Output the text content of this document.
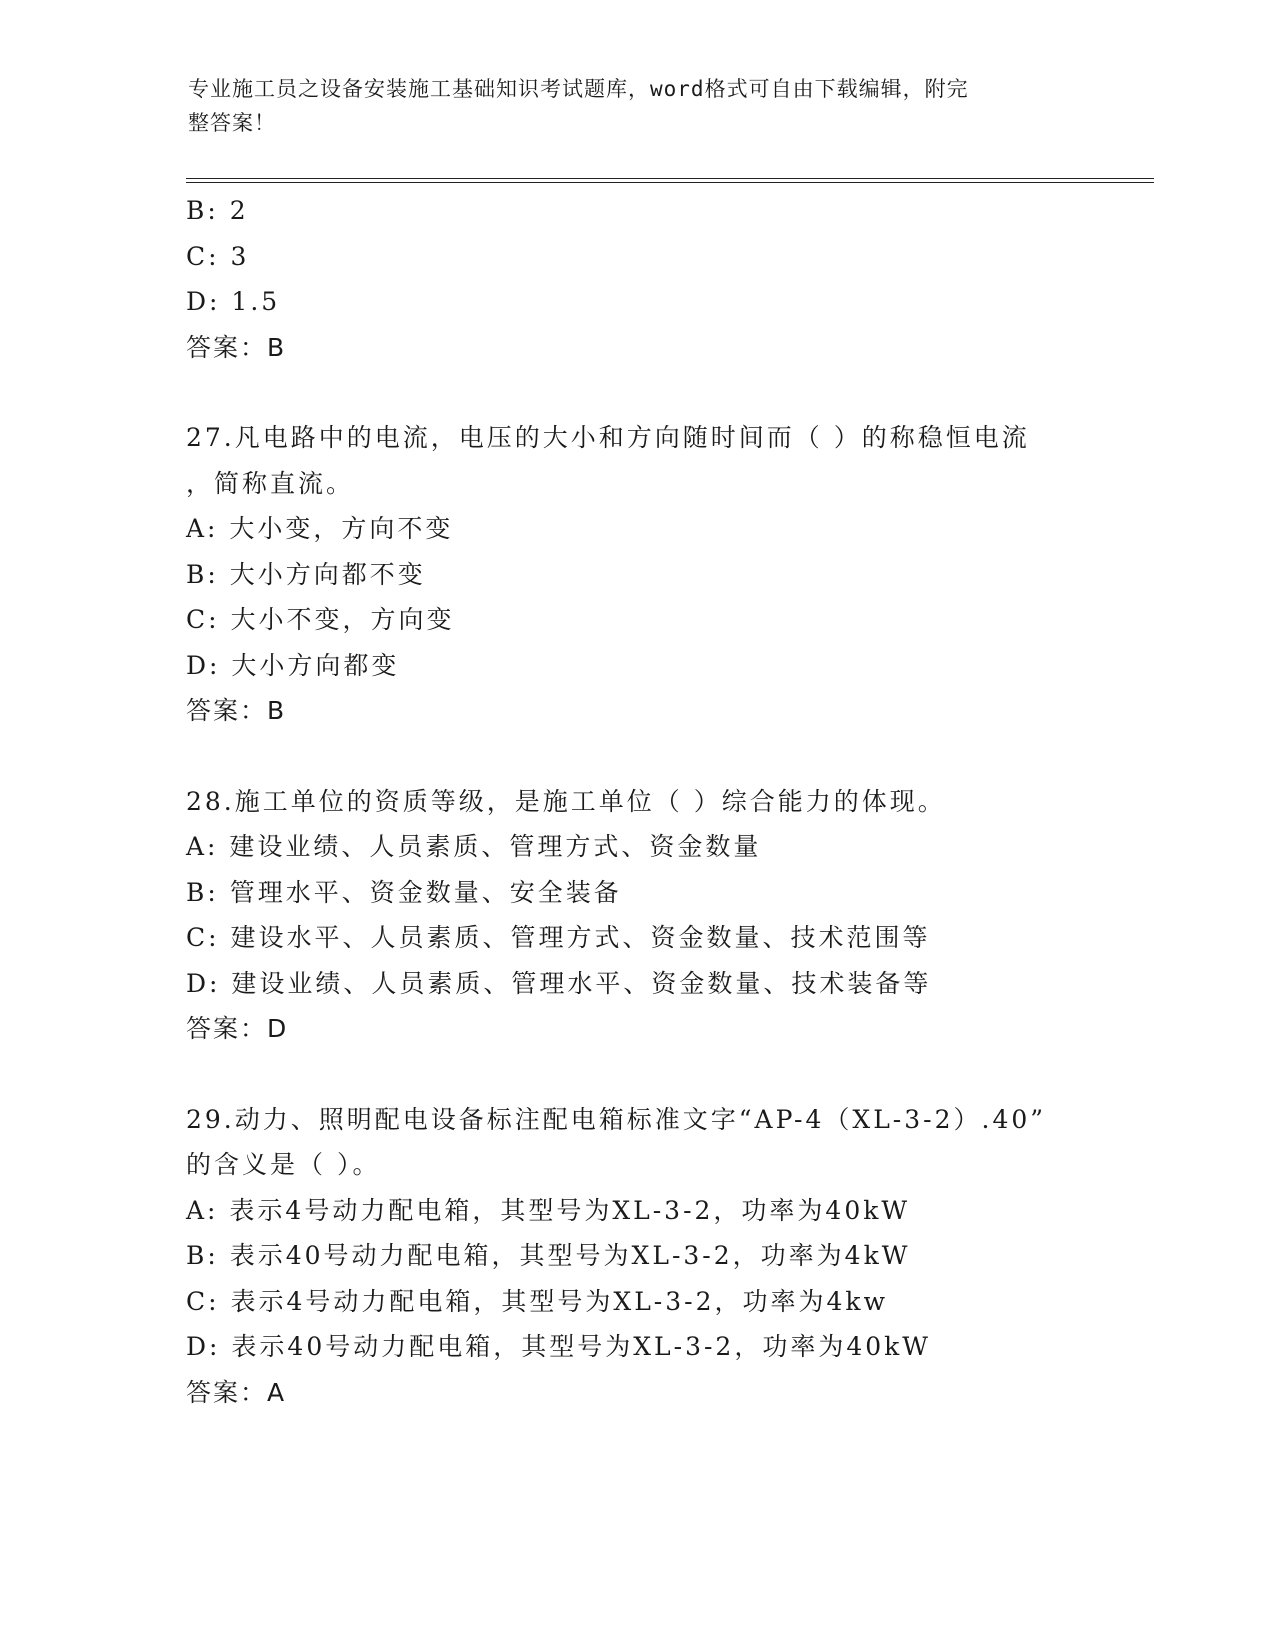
专业施工员之设备安装施工基础知识考试题库，word格式可自由下载编辑，附完
整答案！
B: 2
C: 3
D: 1.5
答案：B
27.凡电路中的电流，电压的大小和方向随时间而（ ）的称稳恒电流
，简称直流。
A: 大小变，方向不变
B: 大小方向都不变
C: 大小不变，方向变
D: 大小方向都变
答案：B
28.施工单位的资质等级，是施工单位（ ）综合能力的体现。
A: 建设业绩、人员素质、管理方式、资金数量
B: 管理水平、资金数量、安全装备
C: 建设水平、人员素质、管理方式、资金数量、技术范围等
D: 建设业绩、人员素质、管理水平、资金数量、技术装备等
答案：D
29.动力、照明配电设备标注配电箱标准文字“AP-4（XL-3-2）.40”
的含义是（ ）。
A: 表示4号动力配电箱，其型号为XL-3-2，功率为40kW
B: 表示40号动力配电箱，其型号为XL-3-2，功率为4kW
C: 表示4号动力配电箱，其型号为XL-3-2，功率为4kw
D: 表示40号动力配电箱，其型号为XL-3-2，功率为40kW
答案：A
